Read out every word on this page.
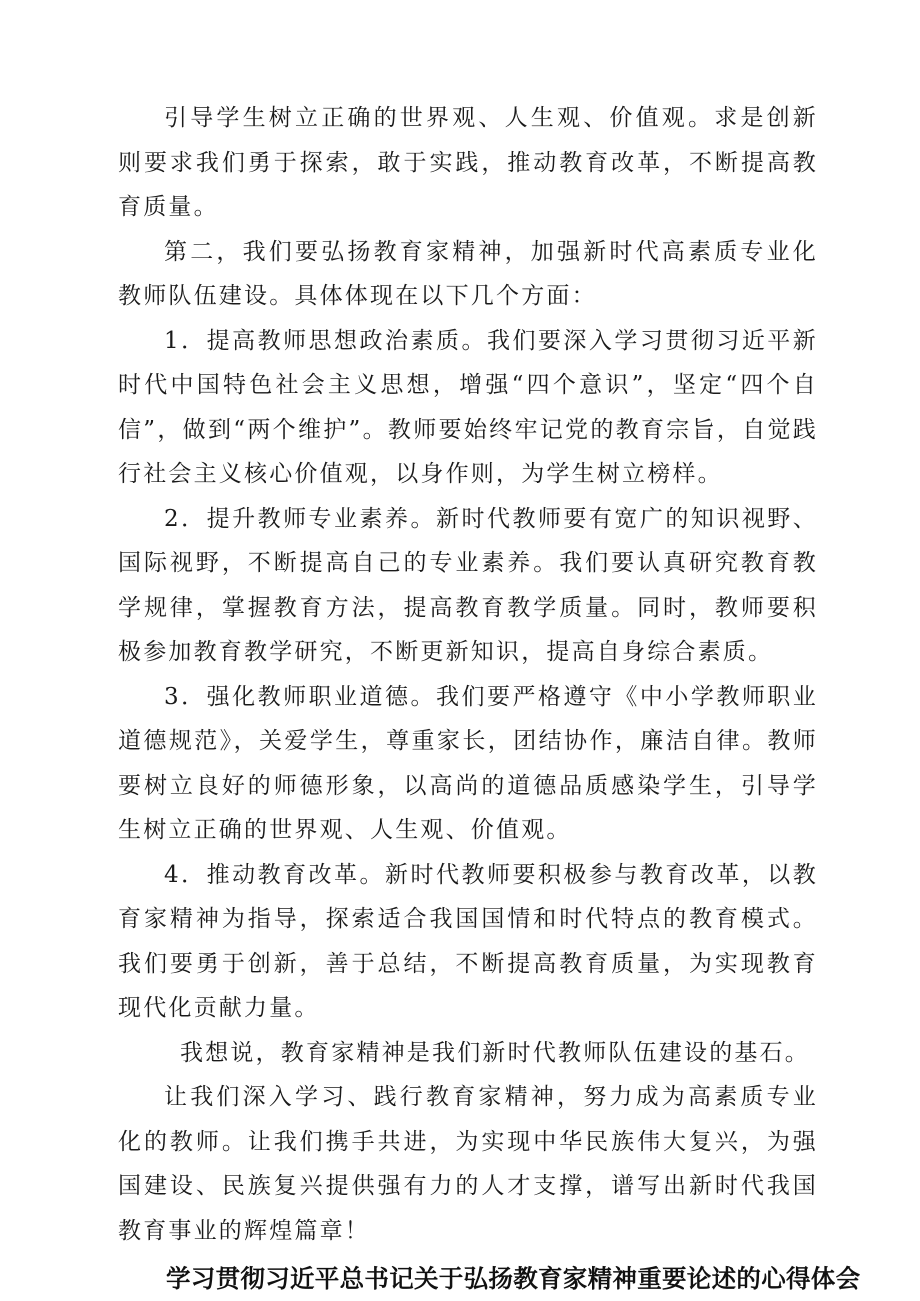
引导学生树立正确的世界观、人生观、价值观。求是创新则要求我们勇于探索，敢于实践，推动教育改革，不断提高教育质量。

第二，我们要弘扬教育家精神，加强新时代高素质专业化教师队伍建设。具体体现在以下几个方面：

1．提高教师思想政治素质。我们要深入学习贯彻习近平新时代中国特色社会主义思想，增强“四个意识”，坚定“四个自信”，做到“两个维护”。教师要始终牢记党的教育宗旨，自觉践行社会主义核心价值观，以身作则，为学生树立榜样。

2．提升教师专业素养。新时代教师要有宽广的知识视野、国际视野，不断提高自己的专业素养。我们要认真研究教育教学规律，掌握教育方法，提高教育教学质量。同时，教师要积极参加教育教学研究，不断更新知识，提高自身综合素质。

3．强化教师职业道德。我们要严格遵守《中小学教师职业道德规范》，关爱学生，尊重家长，团结协作，廉洁自律。教师要树立良好的师德形象，以高尚的道德品质感染学生，引导学生树立正确的世界观、人生观、价值观。

4．推动教育改革。新时代教师要积极参与教育改革，以教育家精神为指导，探索适合我国国情和时代特点的教育模式。我们要勇于创新，善于总结，不断提高教育质量，为实现教育现代化贡献力量。

我想说，教育家精神是我们新时代教师队伍建设的基石。

让我们深入学习、践行教育家精神，努力成为高素质专业化的教师。让我们携手共进，为实现中华民族伟大复兴，为强国建设、民族复兴提供强有力的人才支撑，谱写出新时代我国教育事业的辉煌篇章！

学习贯彻习近平总书记关于弘扬教育家精神重要论述的心得体会
